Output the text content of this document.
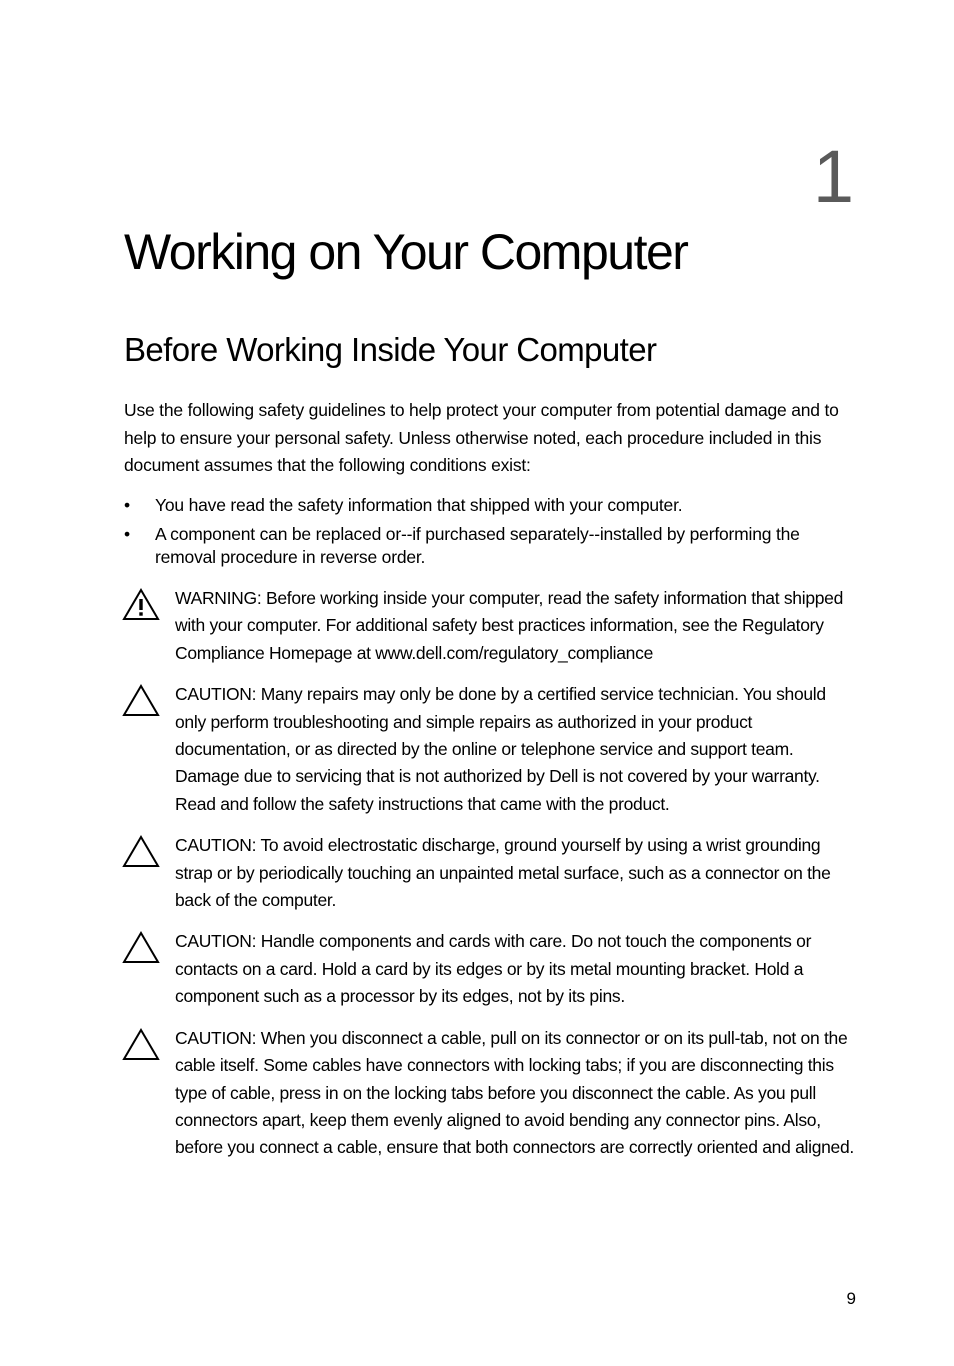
1
Working on Your Computer
Before Working Inside Your Computer

Use the following safety guidelines to help protect your computer from potential damage and to help to ensure your personal safety. Unless otherwise noted, each procedure included in this document assumes that the following conditions exist:

• You have read the safety information that shipped with your computer.
• A component can be replaced or--if purchased separately--installed by performing the removal procedure in reverse order.

WARNING: Before working inside your computer, read the safety information that shipped with your computer. For additional safety best practices information, see the Regulatory Compliance Homepage at www.dell.com/regulatory_compliance

CAUTION: Many repairs may only be done by a certified service technician. You should only perform troubleshooting and simple repairs as authorized in your product documentation, or as directed by the online or telephone service and support team. Damage due to servicing that is not authorized by Dell is not covered by your warranty. Read and follow the safety instructions that came with the product.

CAUTION: To avoid electrostatic discharge, ground yourself by using a wrist grounding strap or by periodically touching an unpainted metal surface, such as a connector on the back of the computer.

CAUTION: Handle components and cards with care. Do not touch the components or contacts on a card. Hold a card by its edges or by its metal mounting bracket. Hold a component such as a processor by its edges, not by its pins.

CAUTION: When you disconnect a cable, pull on its connector or on its pull-tab, not on the cable itself. Some cables have connectors with locking tabs; if you are disconnecting this type of cable, press in on the locking tabs before you disconnect the cable. As you pull connectors apart, keep them evenly aligned to avoid bending any connector pins. Also, before you connect a cable, ensure that both connectors are correctly oriented and aligned.

9
